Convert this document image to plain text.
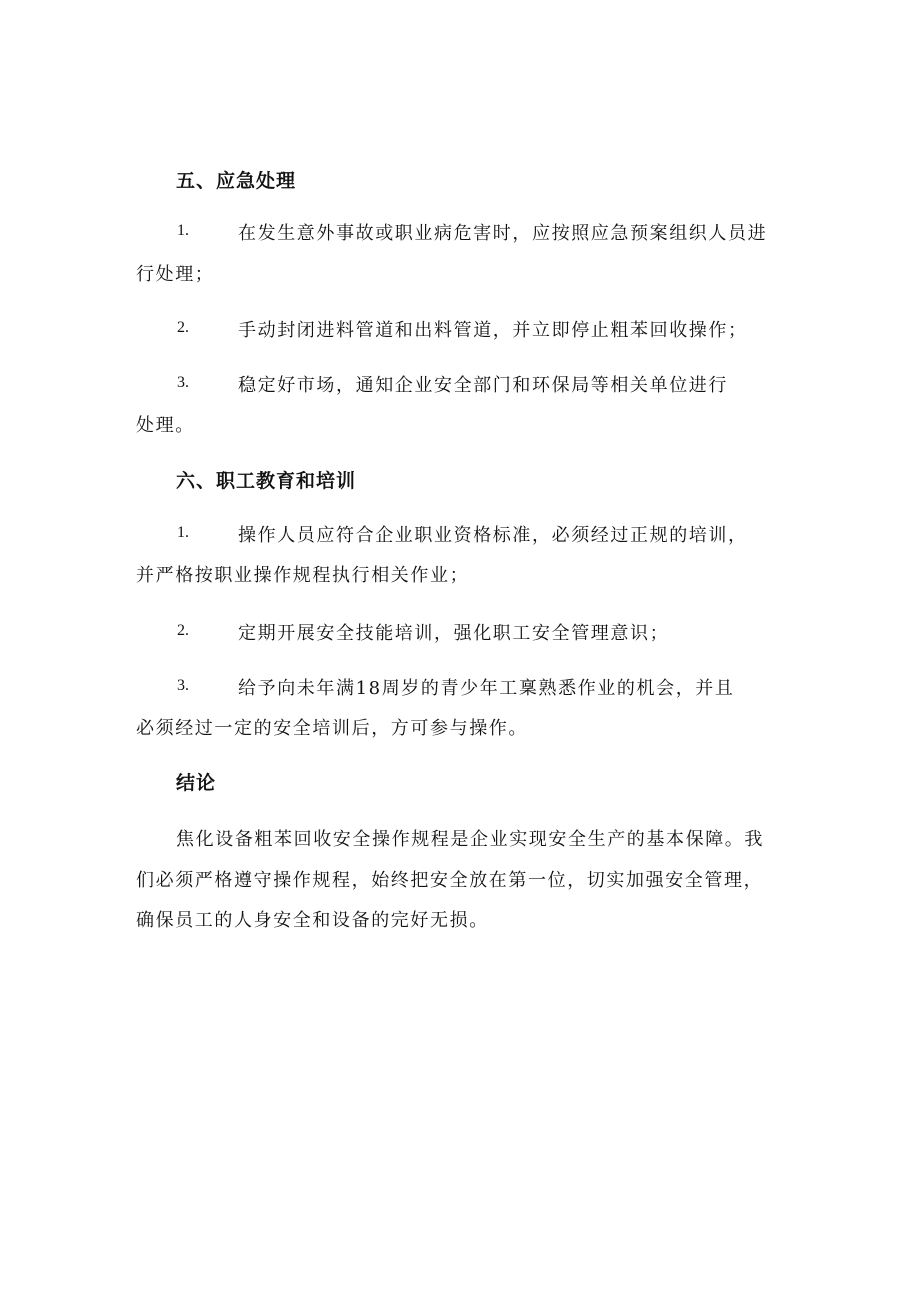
五、应急处理
1.	在发生意外事故或职业病危害时，应按照应急预案组织人员进
行处理；
2.	手动封闭进料管道和出料管道，并立即停止粗苯回收操作；
3.	稳定好市场，通知企业安全部门和环保局等相关单位进行
处理。
六、职工教育和培训
1.	操作人员应符合企业职业资格标准，必须经过正规的培训，
并严格按职业操作规程执行相关作业；
2.	定期开展安全技能培训，强化职工安全管理意识；
3.	给予向未年满18周岁的青少年工稟熟悉作业的机会，并且
必须经过一定的安全培训后，方可参与操作。
结论
焦化设备粗苯回收安全操作规程是企业实现安全生产的基本保障。我
们必须严格遵守操作规程，始终把安全放在第一位，切实加强安全管理，
确保员工的人身安全和设备的完好无损。
